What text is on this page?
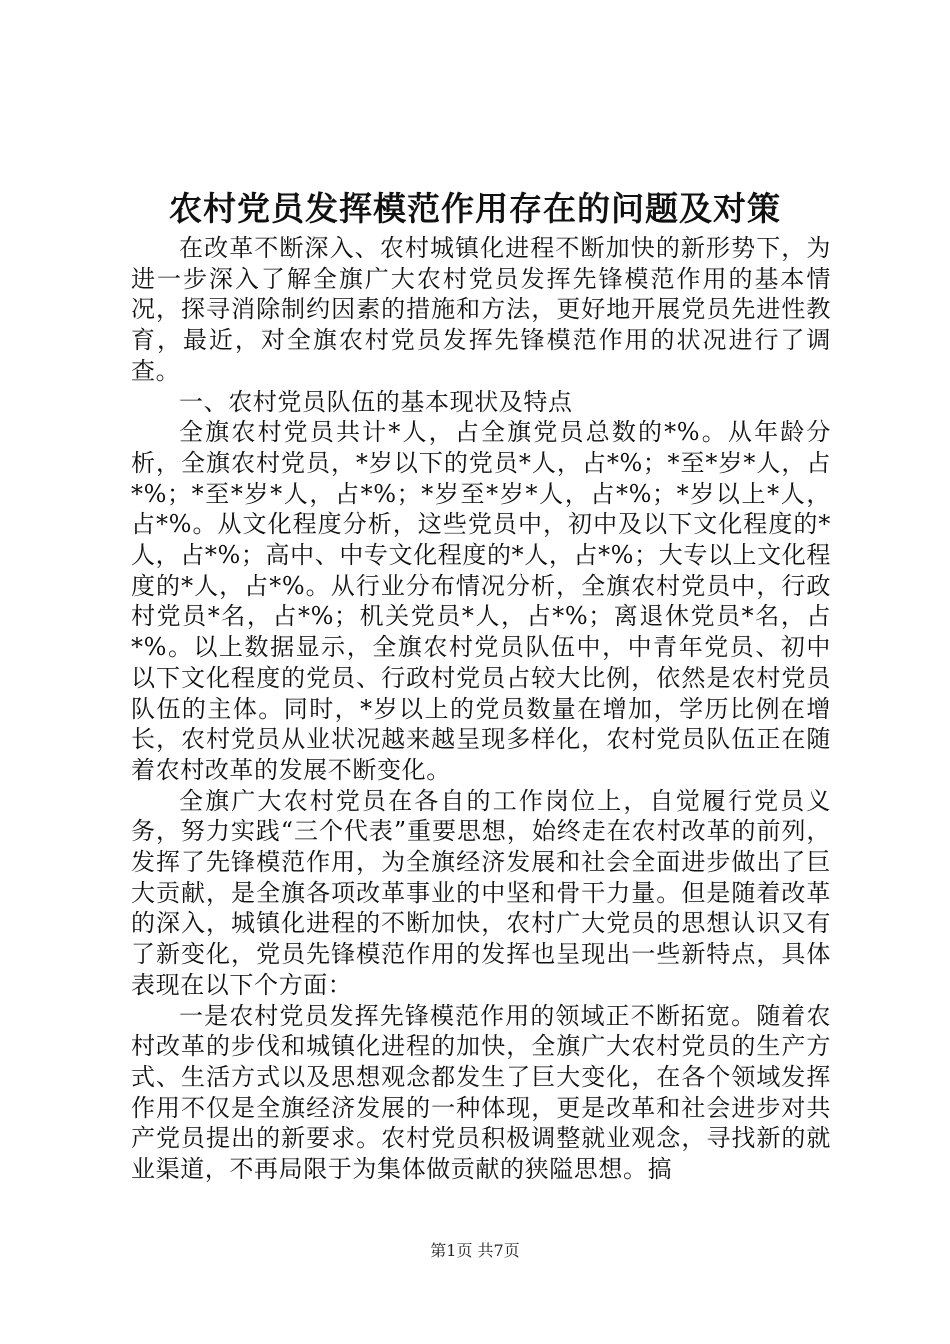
农村党员发挥模范作用存在的问题及对策

在改革不断深入、农村城镇化进程不断加快的新形势下，为进一步深入了解全旗广大农村党员发挥先锋模范作用的基本情况，探寻消除制约因素的措施和方法，更好地开展党员先进性教育，最近，对全旗农村党员发挥先锋模范作用的状况进行了调查。

一、农村党员队伍的基本现状及特点

全旗农村党员共计*人，占全旗党员总数的*%。从年龄分析，全旗农村党员，*岁以下的党员*人，占*%；*至*岁*人，占*%；*至*岁*人，占*%；*岁至*岁*人，占*%；*岁以上*人，占*%。从文化程度分析，这些党员中，初中及以下文化程度的*人，占*%；高中、中专文化程度的*人，占*%；大专以上文化程度的*人，占*%。从行业分布情况分析，全旗农村党员中，行政村党员*名，占*%；机关党员*人，占*%；离退休党员*名，占*%。以上数据显示，全旗农村党员队伍中，中青年党员、初中以下文化程度的党员、行政村党员占较大比例，依然是农村党员队伍的主体。同时，*岁以上的党员数量在增加，学历比例在增长，农村党员从业状况越来越呈现多样化，农村党员队伍正在随着农村改革的发展不断变化。

全旗广大农村党员在各自的工作岗位上，自觉履行党员义务，努力实践“三个代表”重要思想，始终走在农村改革的前列，发挥了先锋模范作用，为全旗经济发展和社会全面进步做出了巨大贡献，是全旗各项改革事业的中坚和骨干力量。但是随着改革的深入，城镇化进程的不断加快，农村广大党员的思想认识又有了新变化，党员先锋模范作用的发挥也呈现出一些新特点，具体表现在以下个方面：

一是农村党员发挥先锋模范作用的领域正不断拓宽。随着农村改革的步伐和城镇化进程的加快，全旗广大农村党员的生产方式、生活方式以及思想观念都发生了巨大变化，在各个领域发挥作用不仅是全旗经济发展的一种体现，更是改革和社会进步对共产党员提出的新要求。农村党员积极调整就业观念，寻找新的就业渠道，不再局限于为集体做贡献的狭隘思想。搞

第1页 共7页
